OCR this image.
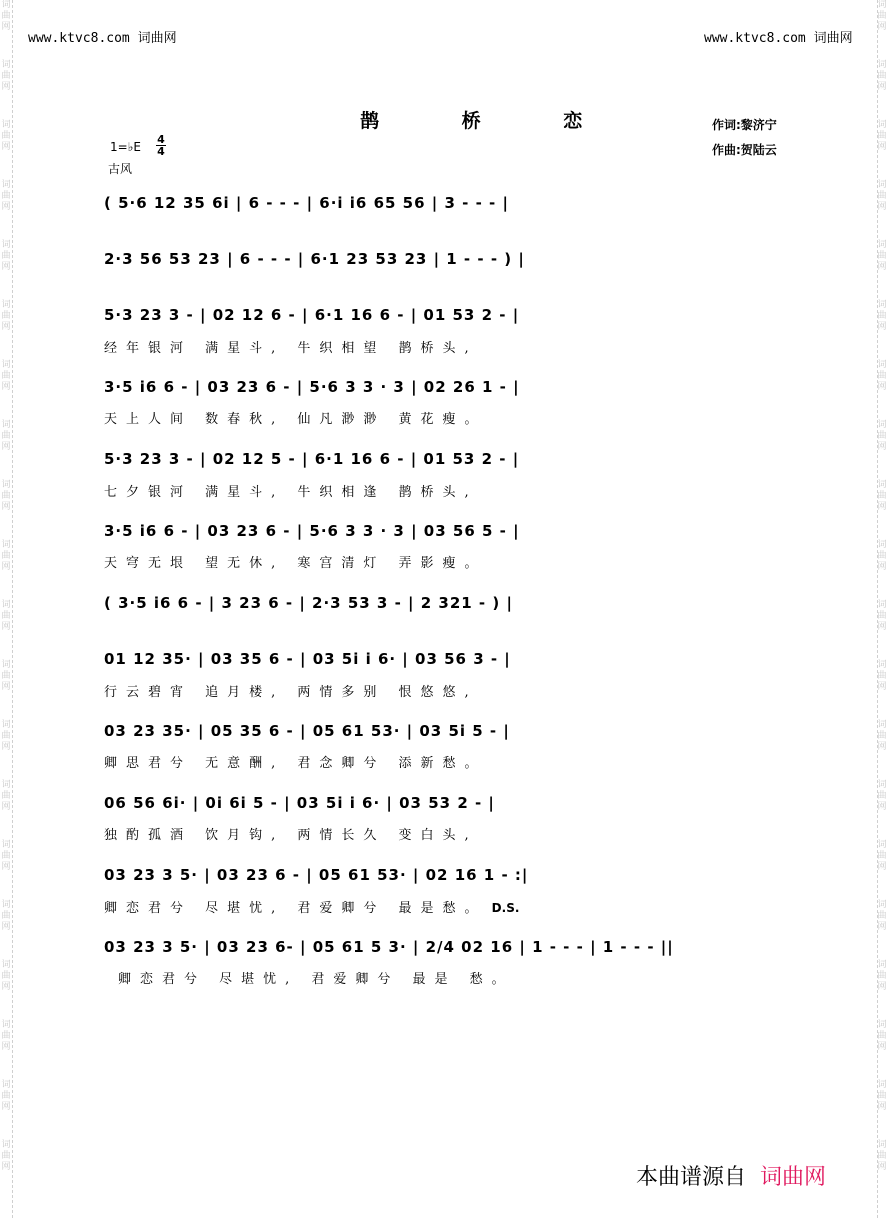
词
曲
网
词
曲
网
词
曲
网
词
曲
网
词
曲
网
词
曲
网
词
曲
网
词
曲
网
词
曲
网
词
曲
网
词
曲
网
词
曲
网
词
曲
网
词
曲
网
词
曲
网
词
曲
网
词
曲
网
词
曲
网
词
曲
网
词
曲
网
词
曲
网
词
曲
网
词
曲
网
词
曲
网
词
曲
网
词
曲
网
词
曲
网
词
曲
网
词
曲
网
词
曲
网
词
曲
网
词
曲
网
词
曲
网
词
曲
网
词
曲
网
词
曲
网
词
曲
网
词
曲
网
词
曲
网
词
曲
网
www.ktvc8.com 词曲网	www.ktvc8.com 词曲网
鹊 桥 恋	作词:黎济宁
作曲:贺陆云
1=♭E
4
4
古风
( 5·6 12 35 6i | 6 - - - | 6·i i6 65 56 | 3 - - - |
2·3 56 53 23 | 6 - - - | 6·1 23 53 23 | 1 - - - ) |
5·3 23 3 - | 02 12 6 - | 6·1 16 6 - | 01 53 2 - |
经年银河 满星斗, 牛织相望 鹊桥头,
3·5 i6 6 - | 03 23 6 - | 5·6 3 3 · 3 | 02 26 1 - |
天上人间 数春秋, 仙凡渺渺 黄花瘦。
5·3 23 3 - | 02 12 5 - | 6·1 16 6 - | 01 53 2 - |
七夕银河 满星斗, 牛织相逢 鹊桥头,
3·5 i6 6 - | 03 23 6 - | 5·6 3 3 · 3 | 03 56 5 - |
天穹无垠 望无休, 寒宫清灯 弄影瘦。
( 3·5 i6 6 - | 3 23 6 - | 2·3 53 3 - | 2 321 - ) |
01 12 35· | 03 35 6 - | 03 5i i 6· | 03 56 3 - |
行云碧宵 追月楼, 两情多别 恨悠悠,
03 23 35· | 05 35 6 - | 05 61 53· | 03 5i 5 - |
卿思君兮 无意酬, 君念卿兮 添新愁。
06 56 6i· | 0i 6i 5 - | 03 5i i 6· | 03 53 2 - |
独酌孤酒 饮月钩, 两情长久 变白头,
03 23 3 5· | 03 23 6 - | 05 61 53· | 02 16 1 - :|
卿恋君兮 尽堪忧, 君爱卿兮 最是愁。 D.S.
03 23 3 5· | 03 23 6- | 05 61 5 3· | 2/4 02 16 | 1 - - - | 1 - - - ||
卿恋君兮 尽堪忧, 君爱卿兮 最是 愁。
本曲谱源自 词曲网
